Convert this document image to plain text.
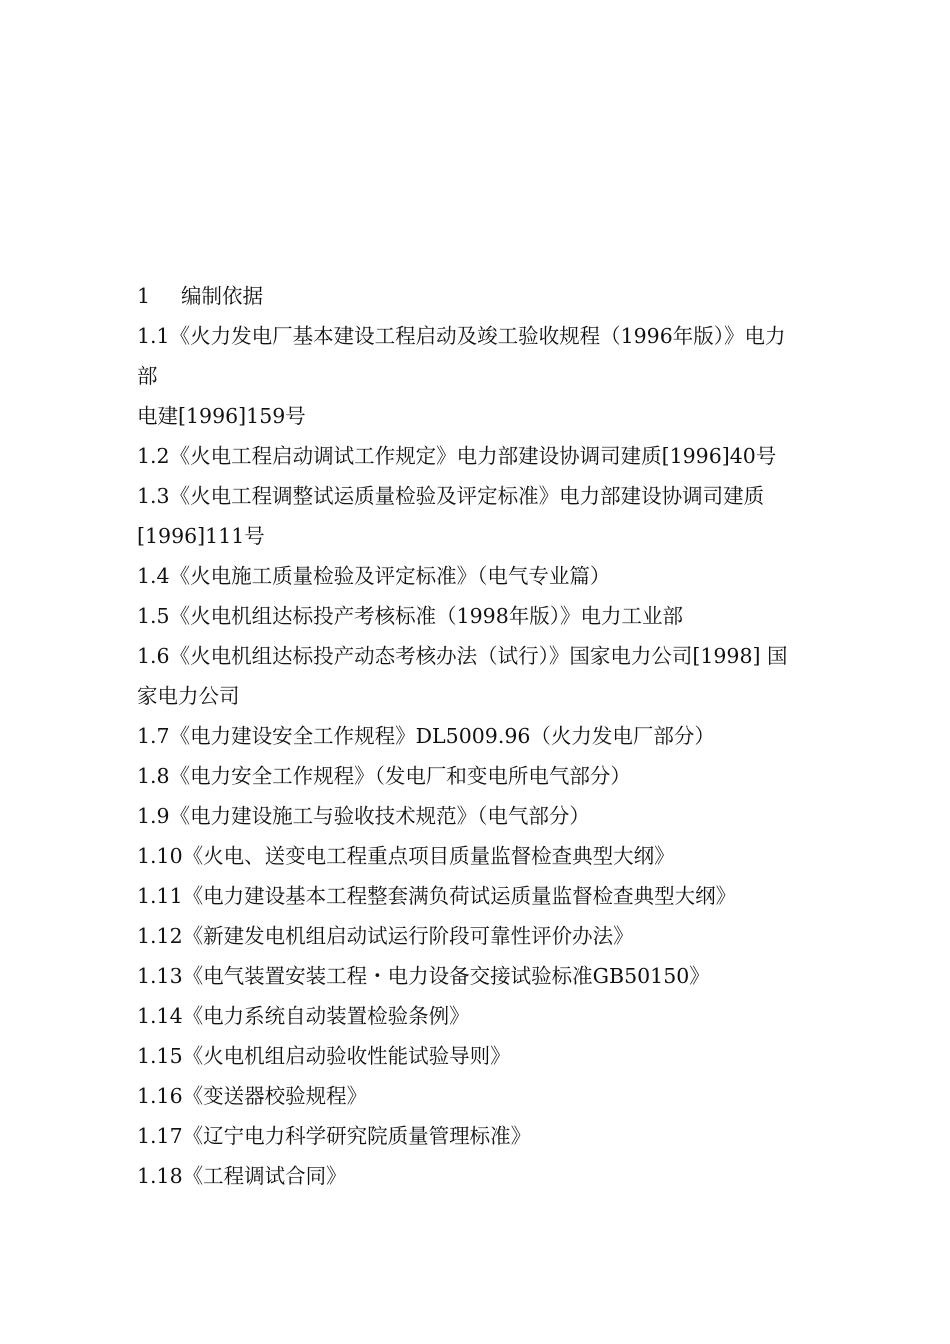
1 编制依据
1.1《火力发电厂基本建设工程启动及竣工验收规程（1996年版）》电力
部
电建[1996]159号
1.2《火电工程启动调试工作规定》电力部建设协调司建质[1996]40号
1.3《火电工程调整试运质量检验及评定标准》电力部建设协调司建质
[1996]111号
1.4《火电施工质量检验及评定标准》（电气专业篇）
1.5《火电机组达标投产考核标准（1998年版）》电力工业部
1.6《火电机组达标投产动态考核办法（试行）》国家电力公司[1998] 国
家电力公司
1.7《电力建设安全工作规程》DL5009.96（火力发电厂部分）
1.8《电力安全工作规程》（发电厂和变电所电气部分）
1.9《电力建设施工与验收技术规范》（电气部分）
1.10《火电、送变电工程重点项目质量监督检查典型大纲》
1.11《电力建设基本工程整套满负荷试运质量监督检查典型大纲》
1.12《新建发电机组启动试运行阶段可靠性评价办法》
1.13《电气装置安装工程・电力设备交接试验标准GB50150》
1.14《电力系统自动装置检验条例》
1.15《火电机组启动验收性能试验导则》
1.16《变送器校验规程》
1.17《辽宁电力科学研究院质量管理标准》
1.18《工程调试合同》
